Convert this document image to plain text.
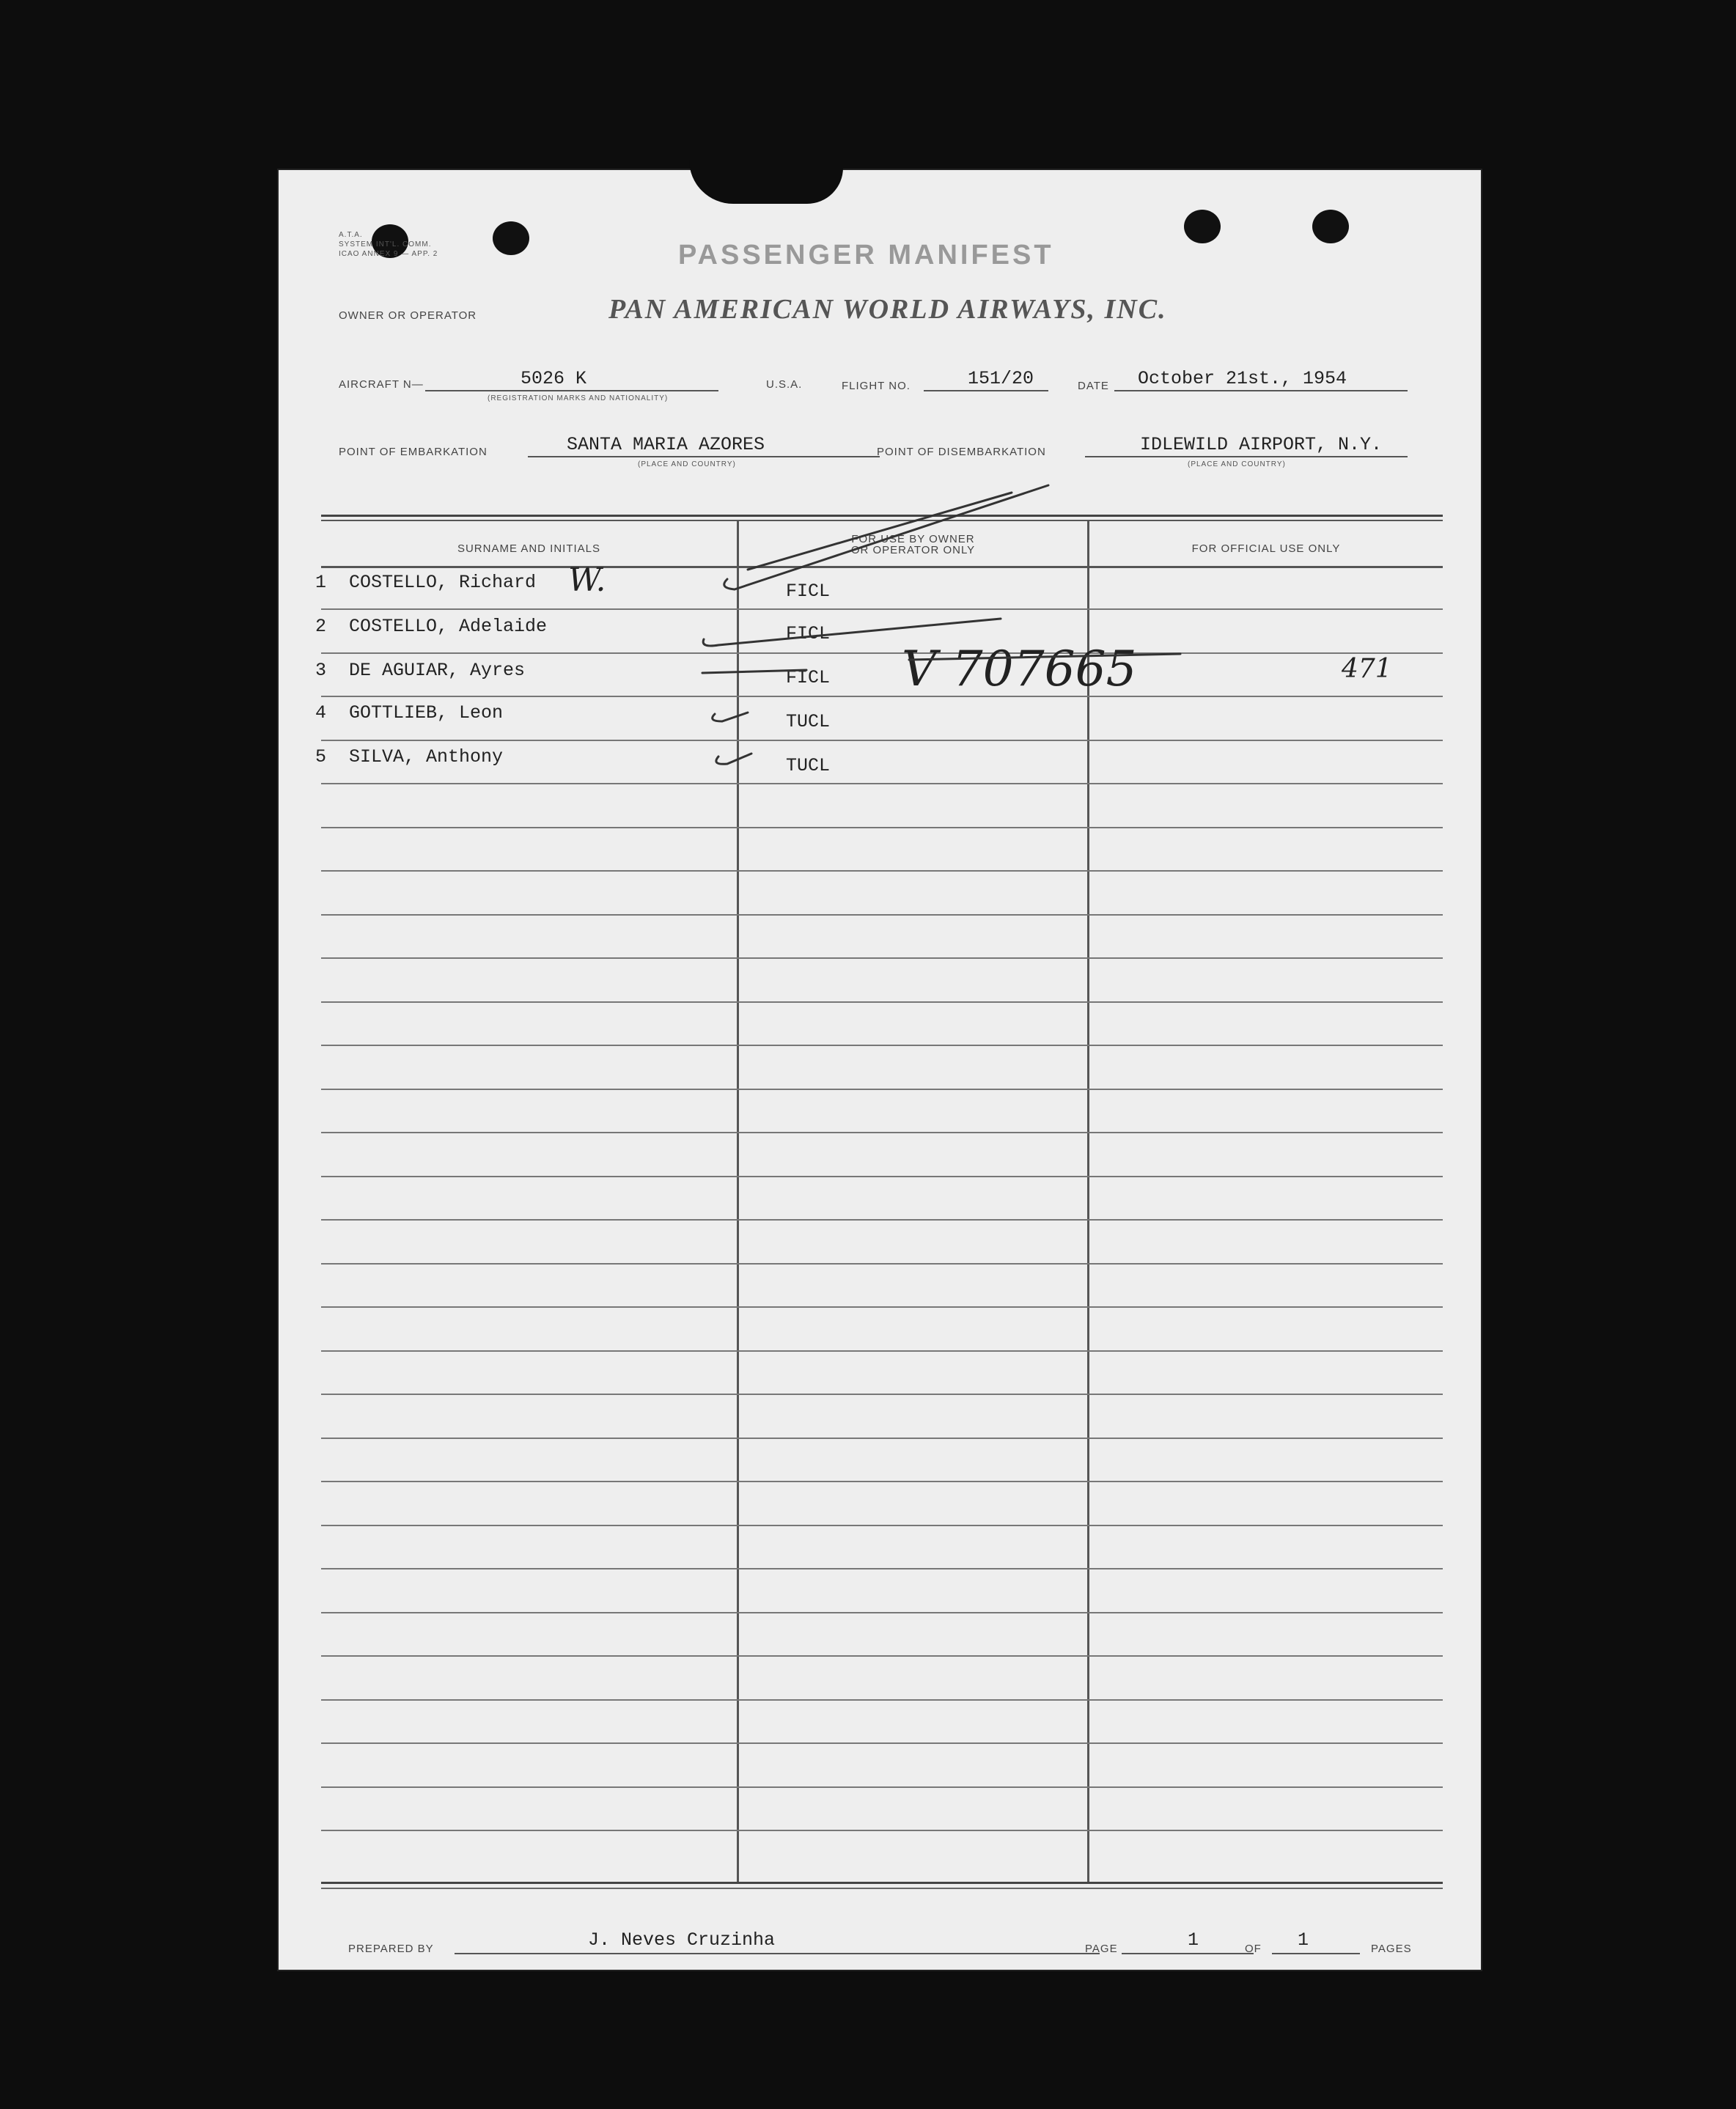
A.T.A.
SYSTEM INT'L. COMM.
ICAO ANNEX 9 — APP. 2	PASSENGER MANIFEST
OWNER OR OPERATOR	PAN AMERICAN WORLD AIRWAYS, INC.
AIRCRAFT N—	5026 K
(REGISTRATION MARKS AND NATIONALITY)
U.S.A.	FLIGHT NO.	151/20	DATE October 21st., 1954
POINT OF EMBARKATION	SANTA MARIA AZORES
(PLACE AND COUNTRY)
POINT OF DISEMBARKATION	IDLEWILD AIRPORT, N.Y.
(PLACE AND COUNTRY)
SURNAME AND INITIALS
FOR USE BY OWNER
OR OPERATOR ONLY	FOR OFFICIAL USE ONLY
1 COSTELLO, Richard W.	FICL
2 COSTELLO, Adelaide	FICL
3 DE AGUIAR, Ayres	FICL V 707665	471
4 GOTTLIEB, Leon	TUCL
5 SILVA, Anthony	TUCL
PREPARED BY	J. Neves Cruzinha	PAGE	1	OF 1	PAGES
